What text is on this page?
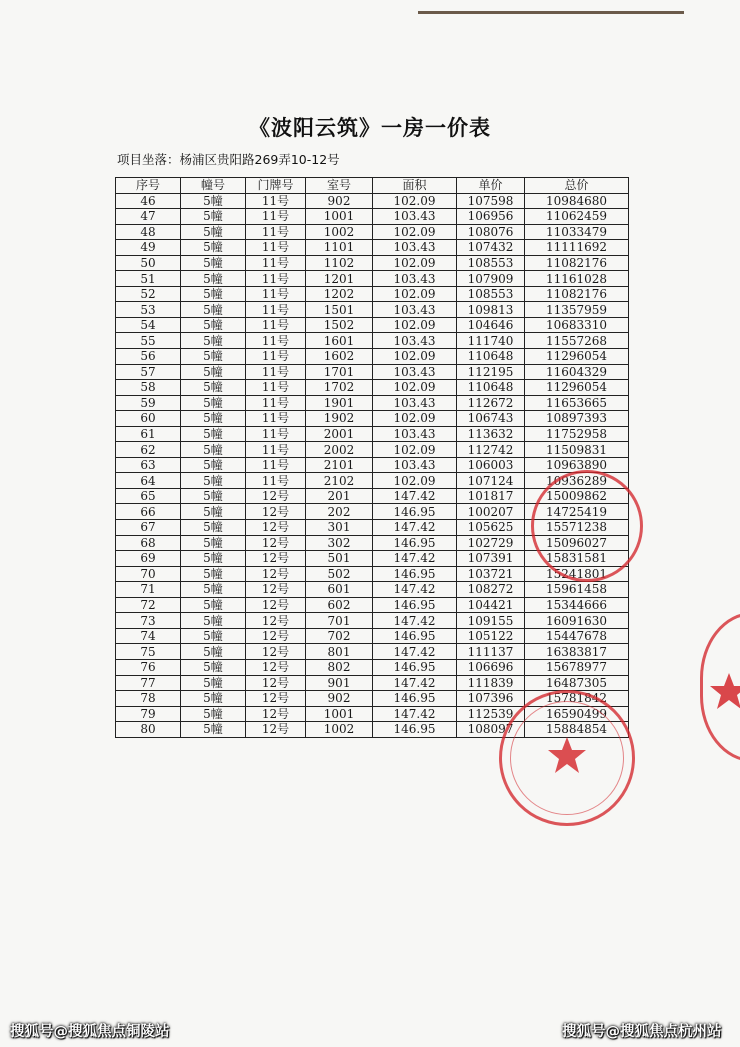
《波阳云筑》一房一价表
项目坐落：杨浦区贵阳路269弄10-12号
序号	幢号	门牌号	室号	面积	单价	总价
46	5幢	11号	902	102.09	107598	10984680
47	5幢	11号	1001	103.43	106956	11062459
48	5幢	11号	1002	102.09	108076	11033479
49	5幢	11号	1101	103.43	107432	11111692
50	5幢	11号	1102	102.09	108553	11082176
51	5幢	11号	1201	103.43	107909	11161028
52	5幢	11号	1202	102.09	108553	11082176
53	5幢	11号	1501	103.43	109813	11357959
54	5幢	11号	1502	102.09	104646	10683310
55	5幢	11号	1601	103.43	111740	11557268
56	5幢	11号	1602	102.09	110648	11296054
57	5幢	11号	1701	103.43	112195	11604329
58	5幢	11号	1702	102.09	110648	11296054
59	5幢	11号	1901	103.43	112672	11653665
60	5幢	11号	1902	102.09	106743	10897393
61	5幢	11号	2001	103.43	113632	11752958
62	5幢	11号	2002	102.09	112742	11509831
63	5幢	11号	2101	103.43	106003	10963890
64	5幢	11号	2102	102.09	107124	10936289
65	5幢	12号	201	147.42	101817	15009862
66	5幢	12号	202	146.95	100207	14725419
67	5幢	12号	301	147.42	105625	15571238
68	5幢	12号	302	146.95	102729	15096027
69	5幢	12号	501	147.42	107391	15831581
70	5幢	12号	502	146.95	103721	15241801
71	5幢	12号	601	147.42	108272	15961458
72	5幢	12号	602	146.95	104421	15344666
73	5幢	12号	701	147.42	109155	16091630
74	5幢	12号	702	146.95	105122	15447678
75	5幢	12号	801	147.42	111137	16383817
76	5幢	12号	802	146.95	106696	15678977
77	5幢	12号	901	147.42	111839	16487305
78	5幢	12号	902	146.95	107396	15781842
79	5幢	12号	1001	147.42	112539	16590499
80	5幢	12号	1002	146.95	108097	15884854
搜狐号@搜狐焦点铜陵站	搜狐号@搜狐焦点杭州站
